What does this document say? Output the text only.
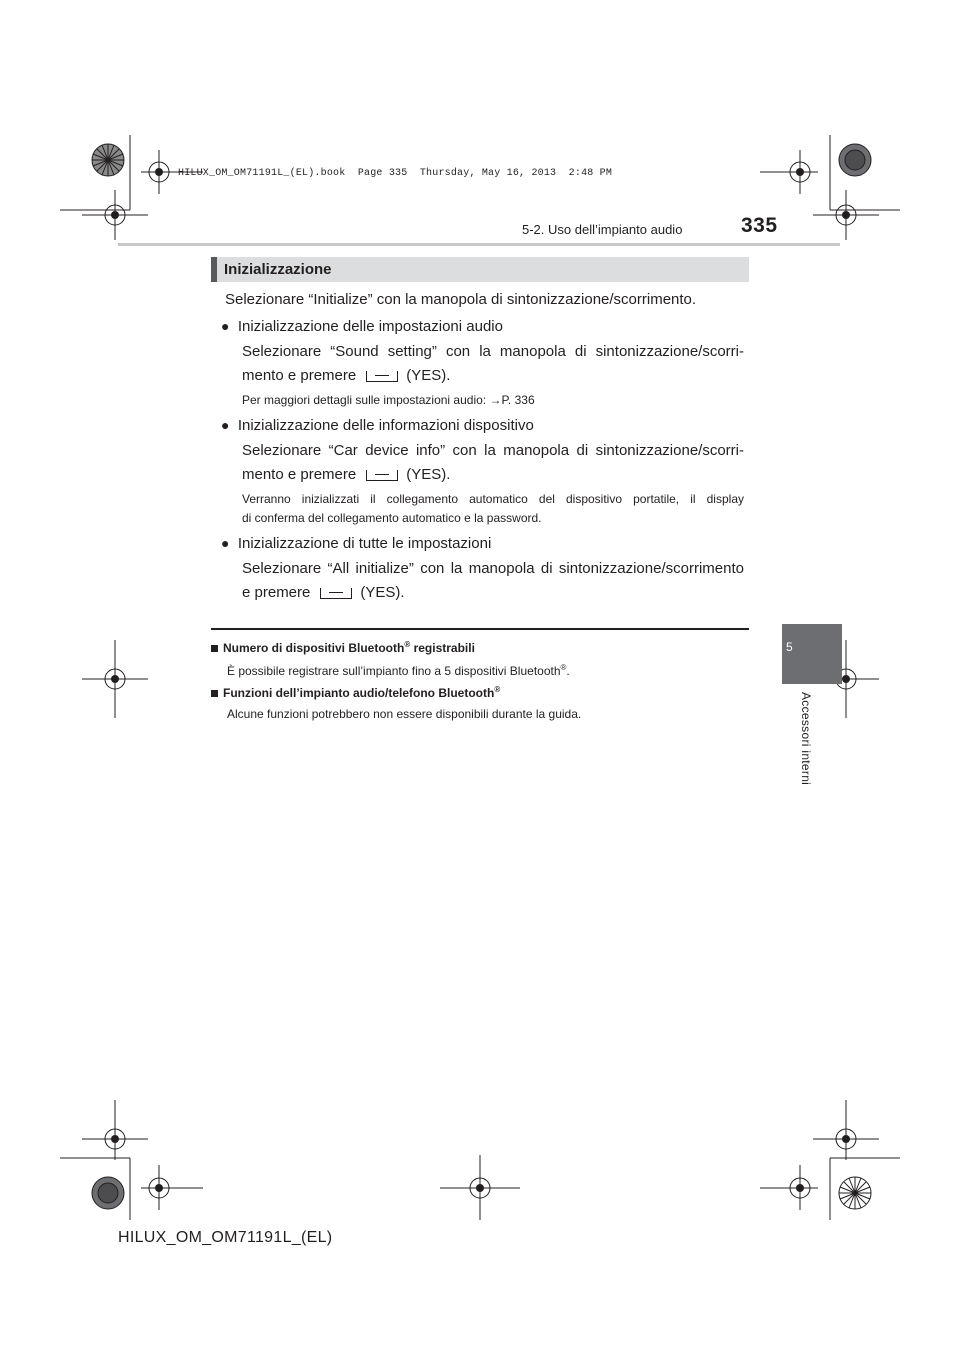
HILUX_OM_OM71191L_(EL).book  Page 335  Thursday, May 16, 2013  2:48 PM
5-2. Uso dell’impianto audio	335
5
Accessori interni
Inizializzazione
Selezionare “Initialize” con la manopola di sintonizzazione/scorrimento.
● Inizializzazione delle impostazioni audio
Selezionare “Sound setting” con la manopola di sintonizzazione/scorri-
mento e premere	(YES).
Per maggiori dettagli sulle impostazioni audio: →P. 336
● Inizializzazione delle informazioni dispositivo
Selezionare “Car device info” con la manopola di sintonizzazione/scorri-
mento e premere	(YES).
Verranno inizializzati il collegamento automatico del dispositivo portatile, il display
di conferma del collegamento automatico e la password.
● Inizializzazione di tutte le impostazioni
Selezionare “All initialize” con la manopola di sintonizzazione/scorrimento
e premere	(YES).
Numero di dispositivi Bluetooth® registrabili
È possibile registrare sull’impianto fino a 5 dispositivi Bluetooth®.
Funzioni dell’impianto audio/telefono Bluetooth®
Alcune funzioni potrebbero non essere disponibili durante la guida.
HILUX_OM_OM71191L_(EL)
